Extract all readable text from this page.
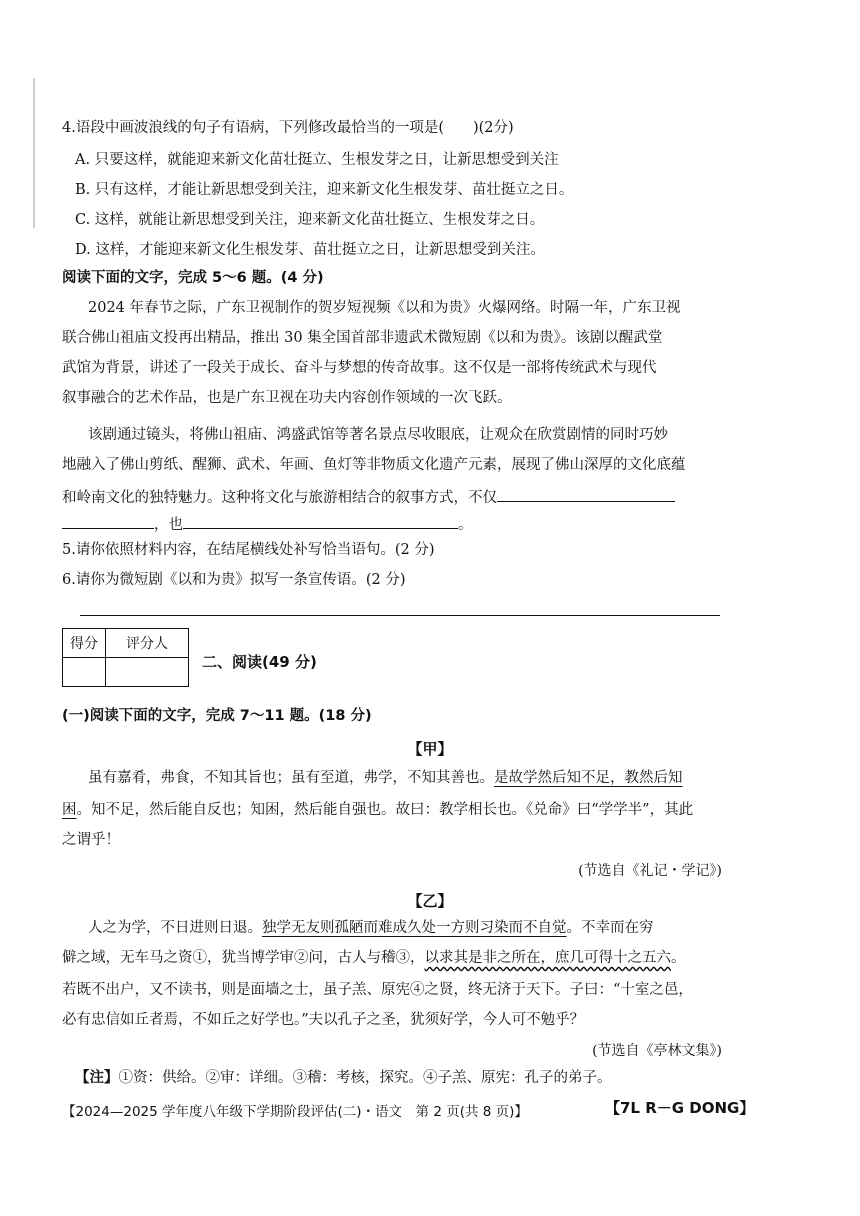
4.语段中画波浪线的句子有语病，下列修改最恰当的一项是(　　)(2分)
A. 只要这样，就能迎来新文化苗壮挺立、生根发芽之日，让新思想受到关注
B. 只有这样，才能让新思想受到关注，迎来新文化生根发芽、苗壮挺立之日。
C. 这样，就能让新思想受到关注，迎来新文化苗壮挺立、生根发芽之日。
D. 这样，才能迎来新文化生根发芽、苗壮挺立之日，让新思想受到关注。
阅读下面的文字，完成 5～6 题。(4 分)
2024 年春节之际，广东卫视制作的贺岁短视频《以和为贵》火爆网络。时隔一年，广东卫视
联合佛山祖庙文投再出精品，推出 30 集全国首部非遗武术微短剧《以和为贵》。该剧以醒武堂
武馆为背景，讲述了一段关于成长、奋斗与梦想的传奇故事。这不仅是一部将传统武术与现代
叙事融合的艺术作品，也是广东卫视在功夫内容创作领域的一次飞跃。
该剧通过镜头，将佛山祖庙、鸿盛武馆等著名景点尽收眼底，让观众在欣赏剧情的同时巧妙
地融入了佛山剪纸、醒狮、武术、年画、鱼灯等非物质文化遗产元素，展现了佛山深厚的文化底蕴
和岭南文化的独特魅力。这种将文化与旅游相结合的叙事方式，不仅
，也	。
5.请你依照材料内容，在结尾横线处补写恰当语句。(2 分)
6.请你为微短剧《以和为贵》拟写一条宣传语。(2 分)
得分	评分人

二、阅读(49 分)
(一)阅读下面的文字，完成 7～11 题。(18 分)
【甲】
虽有嘉肴，弗食，不知其旨也；虽有至道，弗学，不知其善也。是故学然后知不足，教然后知
困。知不足，然后能自反也；知困，然后能自强也。故曰：教学相长也。《兑命》曰“学学半”，其此
之谓乎！
(节选自《礼记・学记》)
【乙】
人之为学，不日进则日退。独学无友则孤陋而难成久处一方则习染而不自觉。不幸而在穷
僻之域，无车马之资①，犹当博学审②问，古人与稽③，以求其是非之所在，庶几可得十之五六。
若既不出户，又不读书，则是面墙之士，虽子羔、原宪④之贤，终无济于天下。子曰：“十室之邑，
必有忠信如丘者焉，不如丘之好学也。”夫以孔子之圣，犹须好学，今人可不勉乎？
(节选自《亭林文集》)
【注】①资：供给。②审：详细。③稽：考核，探究。④子羔、原宪：孔子的弟子。
【2024—2025 学年度八年级下学期阶段评估(二)・语文　第 2 页(共 8 页)】	【7L R－G DONG】
